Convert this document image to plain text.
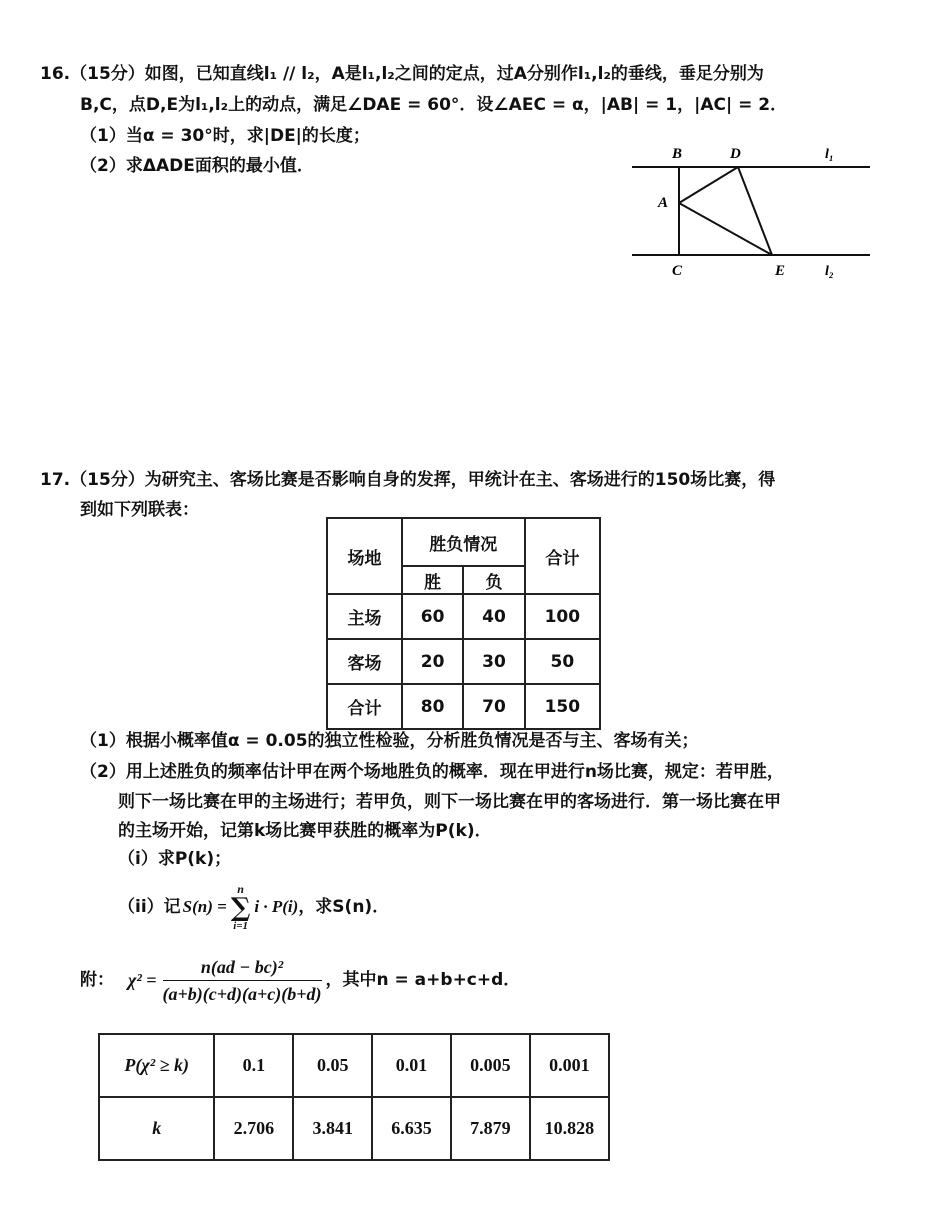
16.（15分）如图，已知直线l₁ // l₂，A是l₁,l₂之间的定点，过A分别作l₁,l₂的垂线，垂足分别为
B,C，点D,E为l₁,l₂上的动点，满足∠DAE = 60°．设∠AEC = α，|AB| = 1，|AC| = 2．
（1）当α = 30°时，求|DE|的长度；
（2）求ΔADE面积的最小值．
B	D	l₁
A
C	E	l₂
17.（15分）为研究主、客场比赛是否影响自身的发挥，甲统计在主、客场进行的150场比赛，得
到如下列联表：
场地	胜负情况		合计
	胜	负	
主场	60	40	100
客场	20	30	50
合计	80	70	150
（1）根据小概率值α = 0.05的独立性检验，分析胜负情况是否与主、客场有关；
（2）用上述胜负的频率估计甲在两个场地胜负的概率．现在甲进行n场比赛，规定：若甲胜，
则下一场比赛在甲的主场进行；若甲负，则下一场比赛在甲的客场进行．第一场比赛在甲
的主场开始，记第k场比赛甲获胜的概率为P(k)．
（i）求P(k)；
（ii）记 S(n) =
n
∑
i=1
i · P(i) ，求S(n)．
附： $\chi^2 = \frac{\text{n(ad − bc)²}}{(a+b)(c+d)(a+c)(b+d)}$ ，其中n = a+b+c+d．
P(χ² ≥ k)	0.1	0.05	0.01	0.005	0.001
k	2.706	3.841	6.635	7.879	10.828
